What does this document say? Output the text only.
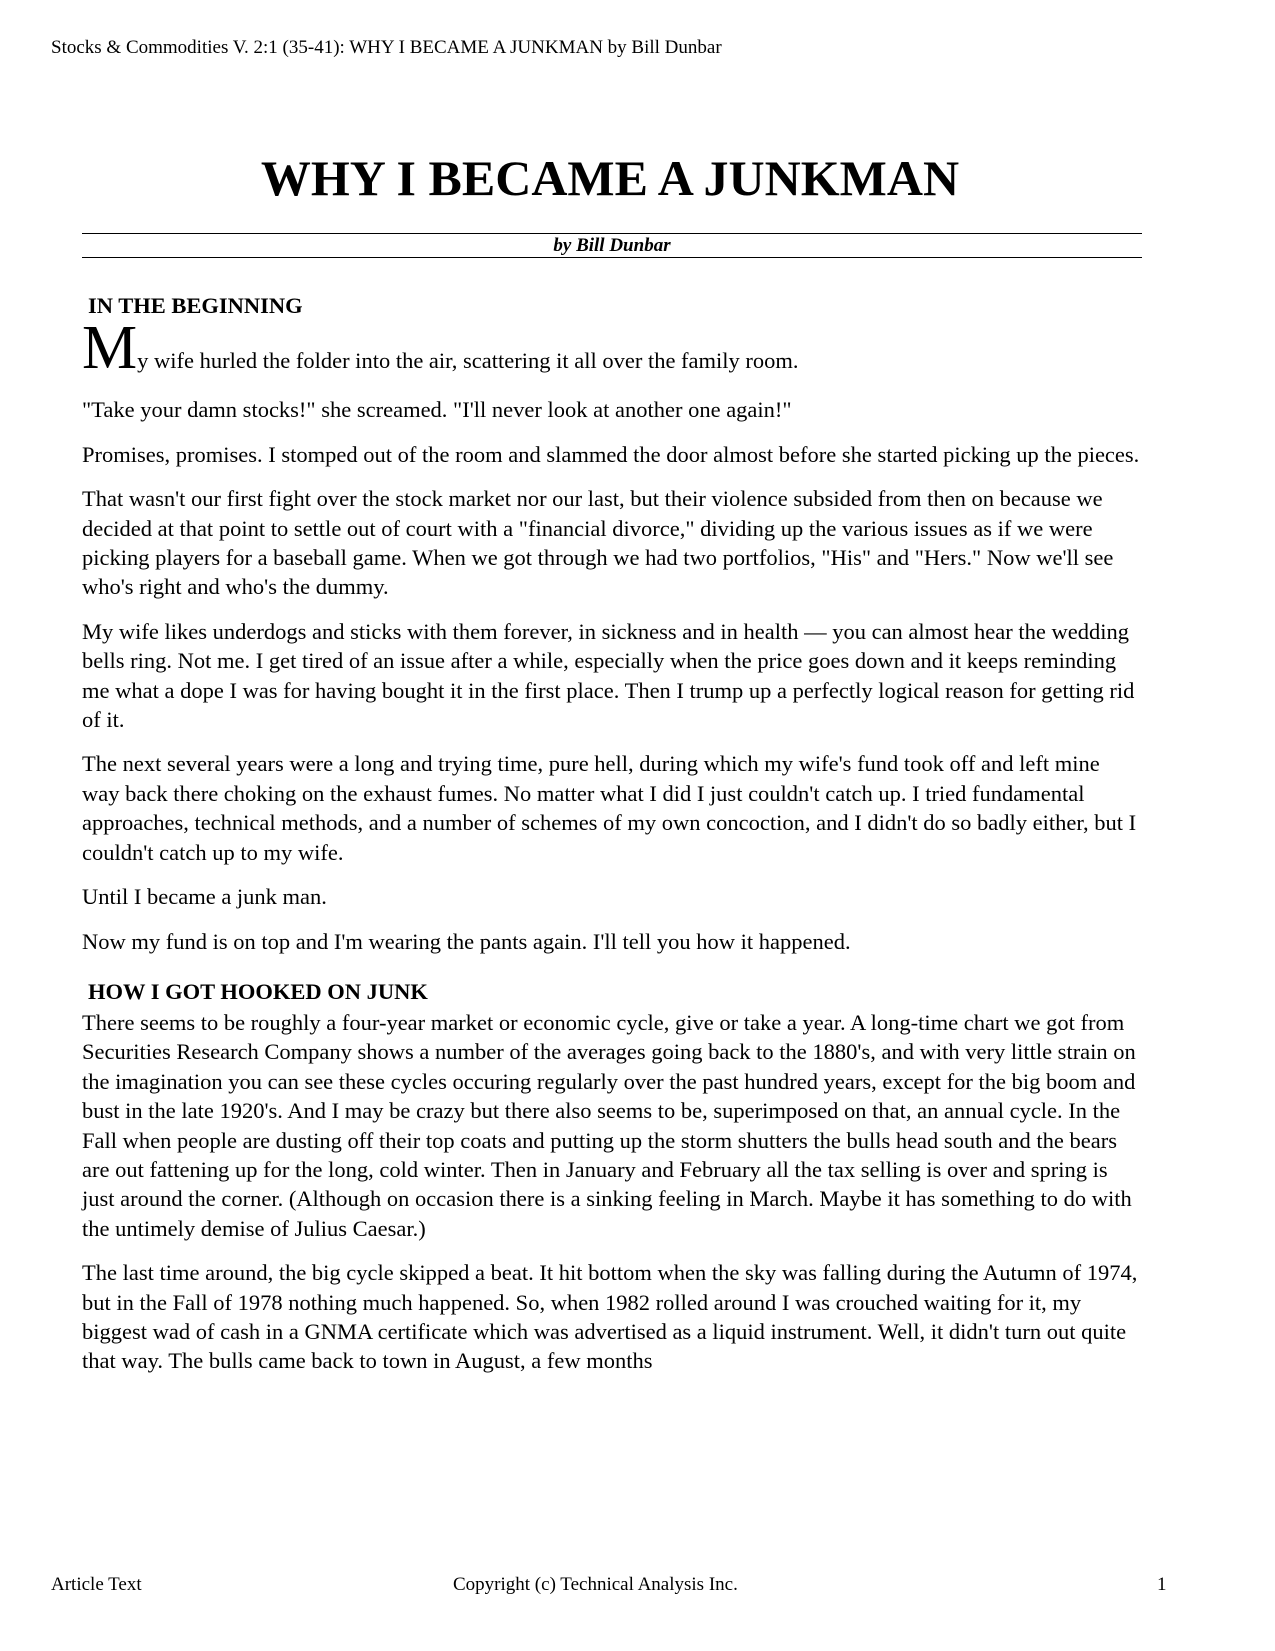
Stocks & Commodities V. 2:1 (35-41): WHY I BECAME A JUNKMAN by Bill Dunbar
WHY I BECAME A JUNKMAN
by Bill Dunbar
IN THE BEGINNING

My wife hurled the folder into the air, scattering it all over the family room.

"Take your damn stocks!" she screamed. "I'll never look at another one again!"

Promises, promises. I stomped out of the room and slammed the door almost before she started picking up the pieces.

That wasn't our first fight over the stock market nor our last, but their violence subsided from then on because we decided at that point to settle out of court with a "financial divorce," dividing up the various issues as if we were picking players for a baseball game. When we got through we had two portfolios, "His" and "Hers." Now we'll see who's right and who's the dummy.

My wife likes underdogs and sticks with them forever, in sickness and in health — you can almost hear the wedding bells ring. Not me. I get tired of an issue after a while, especially when the price goes down and it keeps reminding me what a dope I was for having bought it in the first place. Then I trump up a perfectly logical reason for getting rid of it.

The next several years were a long and trying time, pure hell, during which my wife's fund took off and left mine way back there choking on the exhaust fumes. No matter what I did I just couldn't catch up. I tried fundamental approaches, technical methods, and a number of schemes of my own concoction, and I didn't do so badly either, but I couldn't catch up to my wife.

Until I became a junk man.

Now my fund is on top and I'm wearing the pants again. I'll tell you how it happened.

HOW I GOT HOOKED ON JUNK

There seems to be roughly a four-year market or economic cycle, give or take a year. A long-time chart we got from Securities Research Company shows a number of the averages going back to the 1880's, and with very little strain on the imagination you can see these cycles occuring regularly over the past hundred years, except for the big boom and bust in the late 1920's. And I may be crazy but there also seems to be, superimposed on that, an annual cycle. In the Fall when people are dusting off their top coats and putting up the storm shutters the bulls head south and the bears are out fattening up for the long, cold winter. Then in January and February all the tax selling is over and spring is just around the corner. (Although on occasion there is a sinking feeling in March. Maybe it has something to do with the untimely demise of Julius Caesar.)

The last time around, the big cycle skipped a beat. It hit bottom when the sky was falling during the Autumn of 1974, but in the Fall of 1978 nothing much happened. So, when 1982 rolled around I was crouched waiting for it, my biggest wad of cash in a GNMA certificate which was advertised as a liquid instrument. Well, it didn't turn out quite that way. The bulls came back to town in August, a few months

Article Text	Copyright (c) Technical Analysis Inc.	1
